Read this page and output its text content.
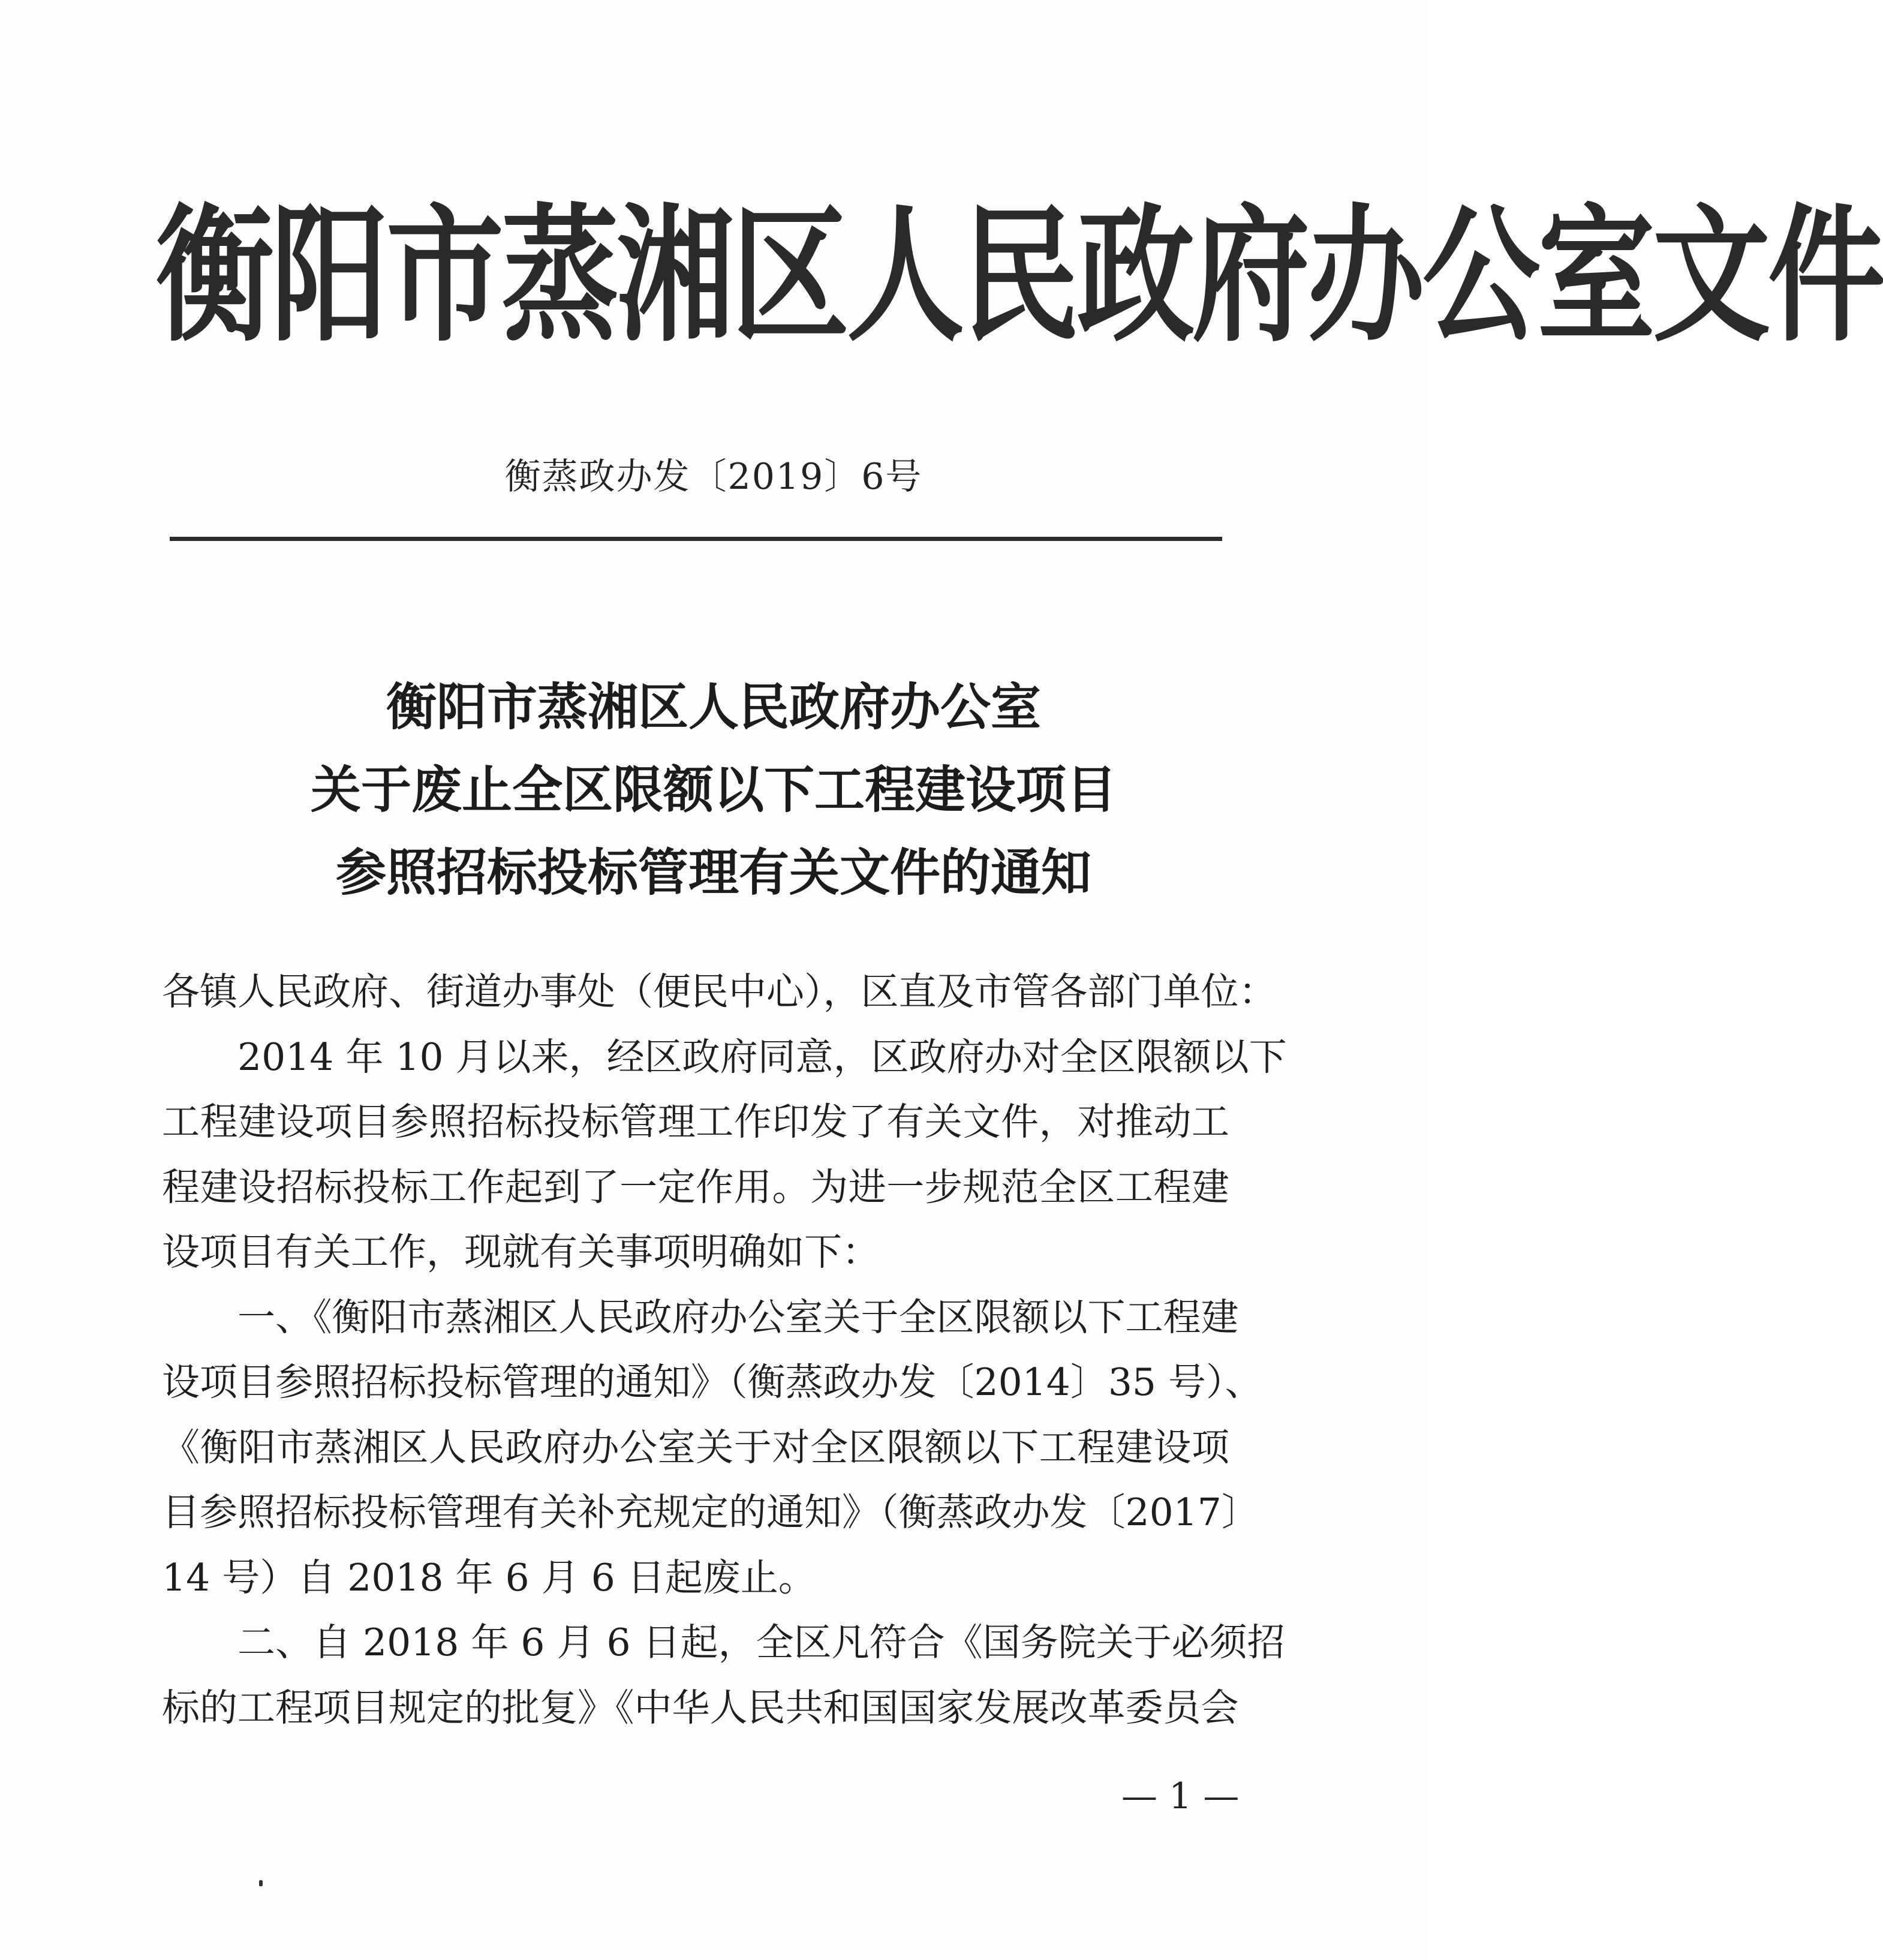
衡阳市蒸湘区人民政府办公室文件
衡蒸政办发〔2019〕6号
衡阳市蒸湘区人民政府办公室
关于废止全区限额以下工程建设项目
参照招标投标管理有关文件的通知
各镇人民政府、街道办事处（便民中心），区直及市管各部门单位：
　　2014 年 10 月以来，经区政府同意，区政府办对全区限额以下
工程建设项目参照招标投标管理工作印发了有关文件，对推动工
程建设招标投标工作起到了一定作用。为进一步规范全区工程建
设项目有关工作，现就有关事项明确如下：
　　一、《衡阳市蒸湘区人民政府办公室关于全区限额以下工程建
设项目参照招标投标管理的通知》（衡蒸政办发〔2014〕35 号）、
《衡阳市蒸湘区人民政府办公室关于对全区限额以下工程建设项
目参照招标投标管理有关补充规定的通知》（衡蒸政办发〔2017〕
14 号）自 2018 年 6 月 6 日起废止。
　　二、自 2018 年 6 月 6 日起，全区凡符合《国务院关于必须招
标的工程项目规定的批复》《中华人民共和国国家发展改革委员会
— 1 —
